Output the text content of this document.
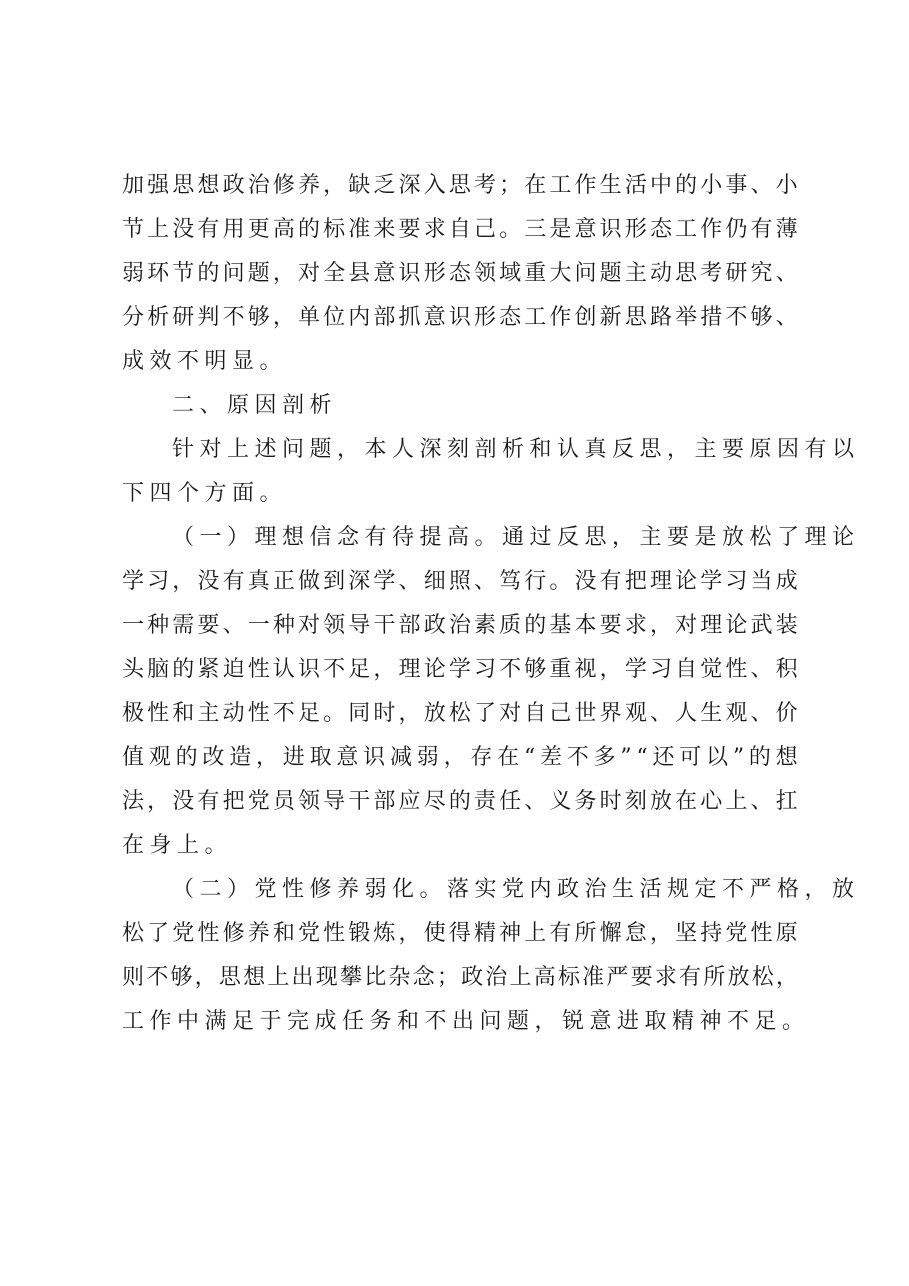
加 强 思 想 政 治 修 养 ， 缺 乏 深 入 思 考 ； 在 工 作 生 活 中 的 小 事 、 小
节 上 没 有 用 更 高 的 标 准 来 要 求 自 己 。 三 是 意 识 形 态 工 作 仍 有 薄
弱 环 节 的 问 题 ， 对 全 县 意 识 形 态 领 域 重 大 问 题 主 动 思 考 研 究 、
分 析 研 判 不 够 ， 单 位 内 部 抓 意 识 形 态 工 作 创 新 思 路 举 措 不 够 、
成效不明显。
二、原因剖析
针对上述问题，本人深刻剖析和认真反思，主要原因有以
下四个方面。
（一）理想信念有待提高。通过反思，主要是放松了理论
学 习 ， 没 有 真 正 做 到 深 学 、 细 照 、 笃 行 。 没 有 把 理 论 学 习 当 成
一 种 需 要 、 一 种 对 领 导 干 部 政 治 素 质 的 基 本 要 求 ， 对 理 论 武 装
头 脑 的 紧 迫 性 认 识 不 足 ， 理 论 学 习 不 够 重 视 ， 学 习 自 觉 性 、 积
极 性 和 主 动 性 不 足 。 同 时 ， 放 松 了 对 自 己 世 界 观 、 人 生 观 、 价
值 观 的 改 造 ， 进 取 意 识 减 弱 ， 存 在 “ 差 不 多 ” “ 还 可 以 ” 的 想
法 ， 没 有 把 党 员 领 导 干 部 应 尽 的 责 任 、 义 务 时 刻 放 在 心 上 、 扛
在身上。
（二）党性修养弱化。落实党内政治生活规定不严格，放
松 了 党 性 修 养 和 党 性 锻 炼 ， 使 得 精 神 上 有 所 懈 怠 ， 坚 持 党 性 原
则 不 够 ， 思 想 上 出 现 攀 比 杂 念 ； 政 治 上 高 标 准 严 要 求 有 所 放 松 ，
工作中满足于完成任务和不出问题，锐意进取精神不足。
